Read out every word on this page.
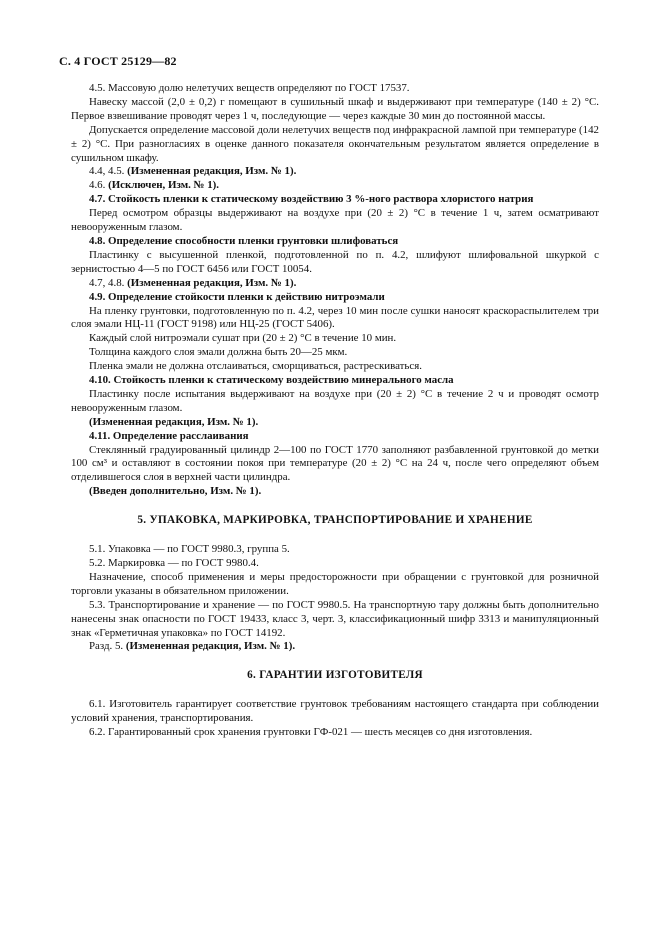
С. 4 ГОСТ 25129—82

4.5. Массовую долю нелетучих веществ определяют по ГОСТ 17537.

Навеску массой (2,0 ± 0,2) г помещают в сушильный шкаф и выдерживают при температуре (140 ± 2) °С. Первое взвешивание проводят через 1 ч, последующие — через каждые 30 мин до постоянной массы.

Допускается определение массовой доли нелетучих веществ под инфракрасной лампой при температуре (142 ± 2) °С. При разногласиях в оценке данного показателя окончательным результатом является определение в сушильном шкафу.

4.4, 4.5. (Измененная редакция, Изм. № 1).

4.6. (Исключен, Изм. № 1).

4.7. Стойкость пленки к статическому воздействию 3 %-ного раствора хлористого натрия

Перед осмотром образцы выдерживают на воздухе при (20 ± 2) °С в течение 1 ч, затем осматривают невооруженным глазом.

4.8. Определение способности пленки грунтовки шлифоваться

Пластинку с высушенной пленкой, подготовленной по п. 4.2, шлифуют шлифовальной шкуркой с зернистостью 4—5 по ГОСТ 6456 или ГОСТ 10054.

4.7, 4.8. (Измененная редакция, Изм. № 1).

4.9. Определение стойкости пленки к действию нитроэмали

На пленку грунтовки, подготовленную по п. 4.2, через 10 мин после сушки наносят краскораспылителем три слоя эмали НЦ-11 (ГОСТ 9198) или НЦ-25 (ГОСТ 5406).

Каждый слой нитроэмали сушат при (20 ± 2) °С в течение 10 мин.

Толщина каждого слоя эмали должна быть 20—25 мкм.

Пленка эмали не должна отслаиваться, сморщиваться, растрескиваться.

4.10. Стойкость пленки к статическому воздействию минерального масла

Пластинку после испытания выдерживают на воздухе при (20 ± 2) °С в течение 2 ч и проводят осмотр невооруженным глазом.

(Измененная редакция, Изм. № 1).

4.11. Определение расслаивания

Стеклянный градуированный цилиндр 2—100 по ГОСТ 1770 заполняют разбавленной грунтовкой до метки 100 см³ и оставляют в состоянии покоя при температуре (20 ± 2) °С на 24 ч, после чего определяют объем отделившегося слоя в верхней части цилиндра.

(Введен дополнительно, Изм. № 1).

5. УПАКОВКА, МАРКИРОВКА, ТРАНСПОРТИРОВАНИЕ И ХРАНЕНИЕ

5.1. Упаковка — по ГОСТ 9980.3, группа 5.

5.2. Маркировка — по ГОСТ 9980.4.

Назначение, способ применения и меры предосторожности при обращении с грунтовкой для розничной торговли указаны в обязательном приложении.

5.3. Транспортирование и хранение — по ГОСТ 9980.5. На транспортную тару должны быть дополнительно нанесены знак опасности по ГОСТ 19433, класс 3, черт. 3, классификационный шифр 3313 и манипуляционный знак «Герметичная упаковка» по ГОСТ 14192.

Разд. 5. (Измененная редакция, Изм. № 1).

6. ГАРАНТИИ ИЗГОТОВИТЕЛЯ

6.1. Изготовитель гарантирует соответствие грунтовок требованиям настоящего стандарта при соблюдении условий хранения, транспортирования.

6.2. Гарантированный срок хранения грунтовки ГФ-021 — шесть месяцев со дня изготовления.
